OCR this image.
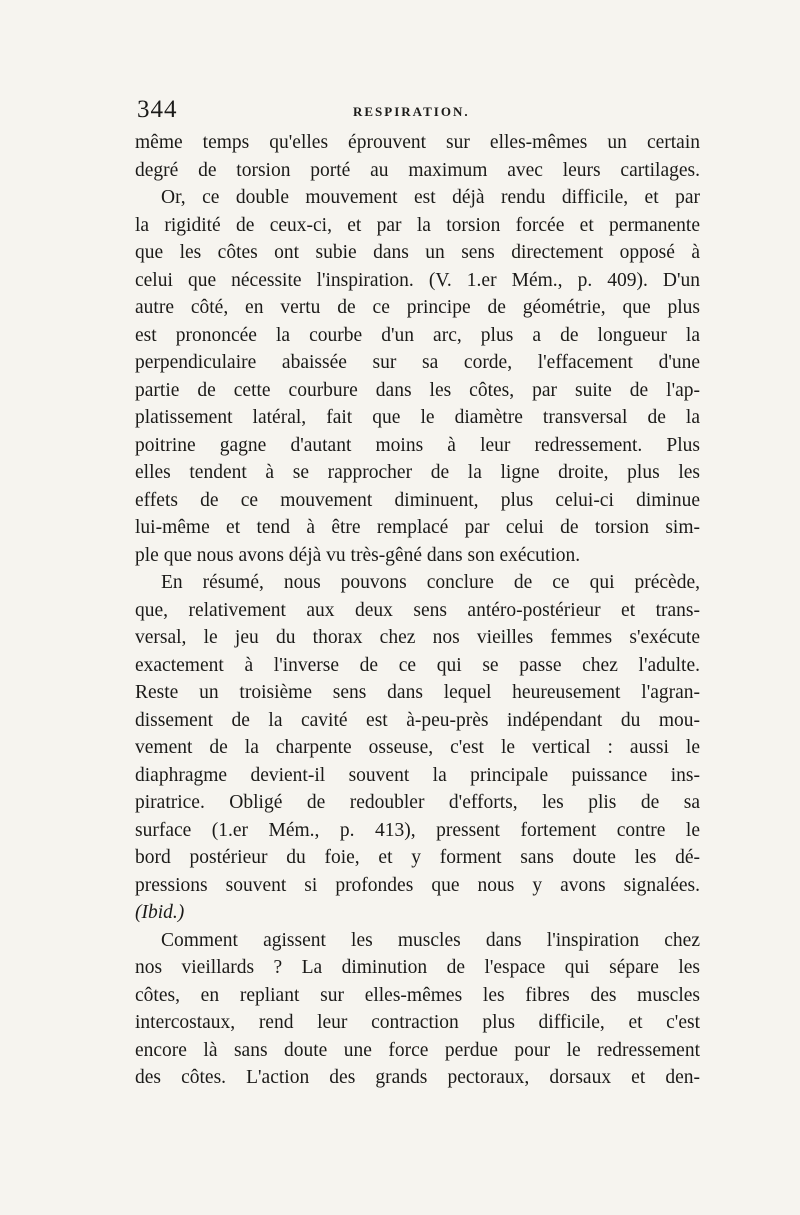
344	RESPIRATION.
même temps qu'elles éprouvent sur elles-mêmes un certain
degré de torsion porté au maximum avec leurs cartilages.
Or, ce double mouvement est déjà rendu difficile, et par
la rigidité de ceux-ci, et par la torsion forcée et permanente
que les côtes ont subie dans un sens directement opposé à
celui que nécessite l'inspiration. (V. 1.er Mém., p. 409). D'un
autre côté, en vertu de ce principe de géométrie, que plus
est prononcée la courbe d'un arc, plus a de longueur la
perpendiculaire abaissée sur sa corde, l'effacement d'une
partie de cette courbure dans les côtes, par suite de l'ap-
platissement latéral, fait que le diamètre transversal de la
poitrine gagne d'autant moins à leur redressement. Plus
elles tendent à se rapprocher de la ligne droite, plus les
effets de ce mouvement diminuent, plus celui-ci diminue
lui-même et tend à être remplacé par celui de torsion sim-
ple que nous avons déjà vu très-gêné dans son exécution.
En résumé, nous pouvons conclure de ce qui précède,
que, relativement aux deux sens antéro-postérieur et trans-
versal, le jeu du thorax chez nos vieilles femmes s'exécute
exactement à l'inverse de ce qui se passe chez l'adulte.
Reste un troisième sens dans lequel heureusement l'agran-
dissement de la cavité est à-peu-près indépendant du mou-
vement de la charpente osseuse, c'est le vertical : aussi le
diaphragme devient-il souvent la principale puissance ins-
piratrice. Obligé de redoubler d'efforts, les plis de sa
surface (1.er Mém., p. 413), pressent fortement contre le
bord postérieur du foie, et y forment sans doute les dé-
pressions souvent si profondes que nous y avons signalées.
(Ibid.)
Comment agissent les muscles dans l'inspiration chez
nos vieillards ? La diminution de l'espace qui sépare les
côtes, en repliant sur elles-mêmes les fibres des muscles
intercostaux, rend leur contraction plus difficile, et c'est
encore là sans doute une force perdue pour le redressement
des côtes. L'action des grands pectoraux, dorsaux et den-
